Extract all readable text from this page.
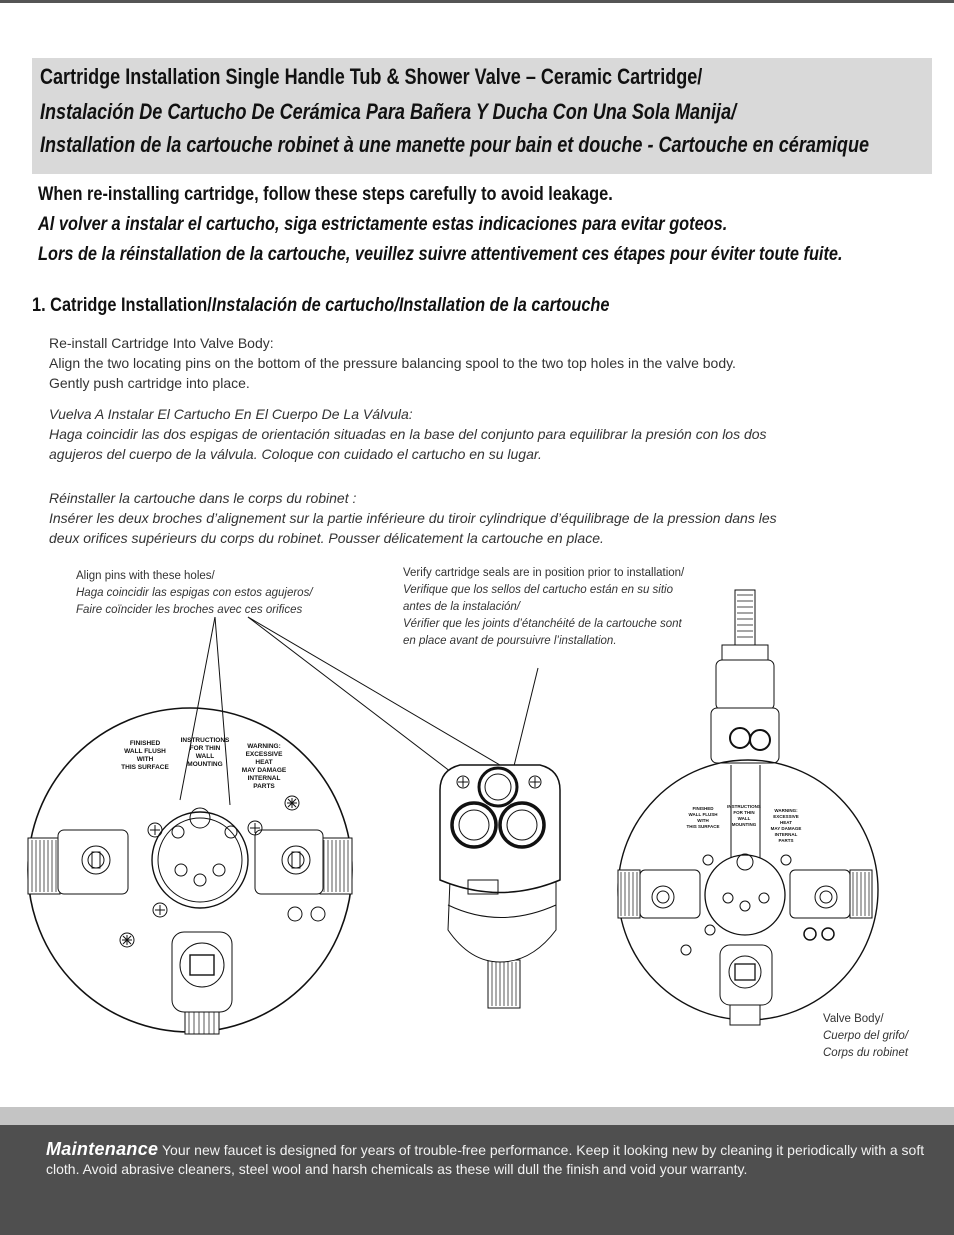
Cartridge Installation Single Handle Tub & Shower Valve – Ceramic Cartridge/
Instalación De Cartucho De Cerámica Para Bañera Y Ducha Con Una Sola Manija/
Installation de la cartouche robinet à une manette pour bain et douche - Cartouche en céramique
When re-installing cartridge, follow these steps carefully to avoid leakage.
Al volver a instalar el cartucho, siga estrictamente estas indicaciones para evitar goteos.
Lors de la réinstallation de la cartouche, veuillez suivre attentivement ces étapes pour éviter toute fuite.
1. Catridge Installation/Instalación de cartucho/Installation de la cartouche
Re-install Cartridge Into Valve Body:
Align the two locating pins on the bottom of the pressure balancing spool to the two top holes in the valve body.
Gently push cartridge into place.
Vuelva A Instalar El Cartucho En El Cuerpo De La Válvula:
Haga coincidir las dos espigas de orientación situadas en la base del conjunto para equilibrar la presión con los dos
agujeros del cuerpo de la válvula. Coloque con cuidado el cartucho en su lugar.
Réinstaller la cartouche dans le corps du robinet :
Insérer les deux broches d’alignement sur la partie inférieure du tiroir cylindrique d’équilibrage de la pression dans les
deux orifices supérieurs du corps du robinet. Pousser délicatement la cartouche en place.
Align pins with these holes/
Haga coincidir las espigas con estos agujeros/
Faire coïncider les broches avec ces orifices
Verify cartridge seals are in position prior to installation/
Verifique que los sellos del cartucho están en su sitio
antes de la instalación/
Vérifier que les joints d’étanchéité de la cartouche sont
en place avant de poursuivre l’installation.
Valve Body/
Cuerpo del grifo/
Corps du robinet
FINISHED
WALL FLUSH
WITH
THIS SURFACE
INSTRUCTIONS
FOR THIN
WALL
MOUNTING
WARNING:
EXCESSIVE
HEAT
MAY DAMAGE
INTERNAL
PARTS
FINISHED
WALL FLUSH
WITH
THIS SURFACE
INSTRUCTIONS
FOR THIN
WALL
MOUNTING
WARNING:
EXCESSIVE
HEAT
MAY DAMAGE
INTERNAL
PARTS
Maintenance Your new faucet is designed for years of trouble-free performance. Keep it looking new by cleaning it periodically with a soft cloth. Avoid abrasive cleaners, steel wool and harsh chemicals as these will dull the finish and void your warranty.
